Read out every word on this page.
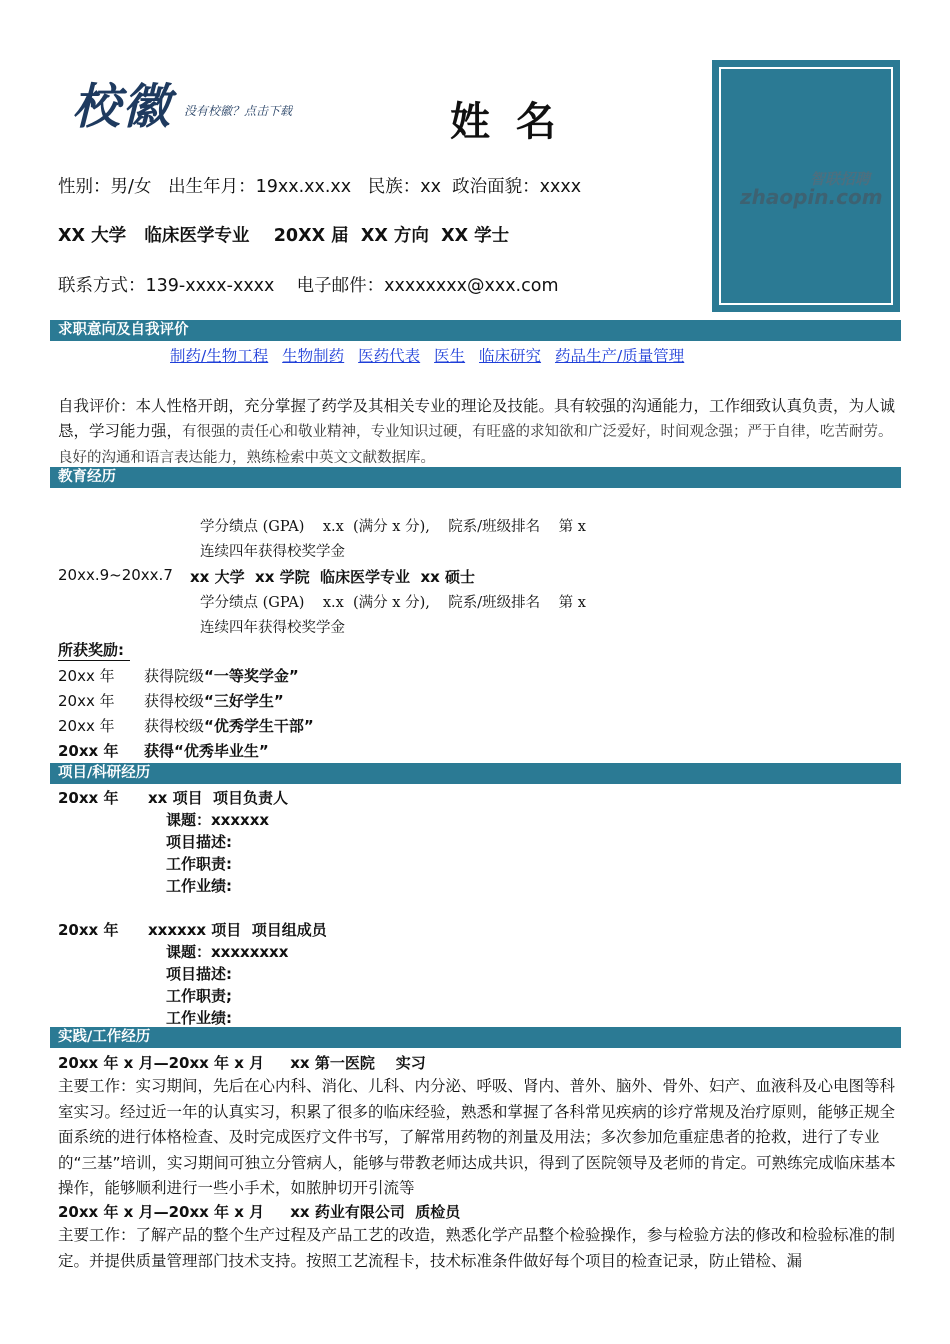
校徽 没有校徽？点击下载	姓 名
性别：男/女   出生年月：19xx.xx.xx   民族：xx  政治面貌：xxxx
XX 大学   临床医学专业    20XX 届  XX 方向  XX 学士
联系方式：139-xxxx-xxxx    电子邮件：xxxxxxxx@xxx.com
智联招聘
zhaopin.com
求职意向及自我评价
制药/生物工程 生物制药 医药代表 医生 临床研究 药品生产/质量管理
自我评价：本人性格开朗，充分掌握了药学及其相关专业的理论及技能。具有较强的沟通能力，工作细致认真负责，为人诚恳，学习能力强，有很强的责任心和敬业精神，专业知识过硬，有旺盛的求知欲和广泛爱好，时间观念强；严于自律，吃苦耐劳。良好的沟通和语言表达能力，熟练检索中英文文献数据库。
教育经历
学分绩点 (GPA)    x.x  (满分 x 分),    院系/班级排名    第 x
连续四年获得校奖学金
20xx.9~20xx.7 xx 大学  xx 学院  临床医学专业  xx 硕士
学分绩点 (GPA)    x.x  (满分 x 分),    院系/班级排名    第 x
连续四年获得校奖学金
所获奖励:
20xx 年 获得院级“一等奖学金”
20xx 年 获得校级“三好学生”
20xx 年 获得校级“优秀学生干部”
20xx 年 获得“优秀毕业生”
项目/科研经历
20xx 年 xx 项目  项目负责人
课题：xxxxxx
项目描述:
工作职责:
工作业绩:
20xx 年 xxxxxx 项目  项目组成员
课题：xxxxxxxx
项目描述:
工作职责;
工作业绩:
实践/工作经历
20xx 年 x 月—20xx 年 x 月     xx 第一医院    实习
主要工作：实习期间，先后在心内科、消化、儿科、内分泌、呼吸、肾内、普外、脑外、骨外、妇产、血液科及心电图等科室实习。经过近一年的认真实习，积累了很多的临床经验，熟悉和掌握了各科常见疾病的诊疗常规及治疗原则，能够正规全面系统的进行体格检查、及时完成医疗文件书写，了解常用药物的剂量及用法；多次参加危重症患者的抢救，进行了专业的“三基”培训，实习期间可独立分管病人，能够与带教老师达成共识，得到了医院领导及老师的肯定。可熟练完成临床基本操作，能够顺利进行一些小手术，如脓肿切开引流等
20xx 年 x 月—20xx 年 x 月     xx 药业有限公司  质检员
主要工作：了解产品的整个生产过程及产品工艺的改造，熟悉化学产品整个检验操作，参与检验方法的修改和检验标准的制定。并提供质量管理部门技术支持。按照工艺流程卡，技术标准条件做好每个项目的检查记录，防止错检、漏
